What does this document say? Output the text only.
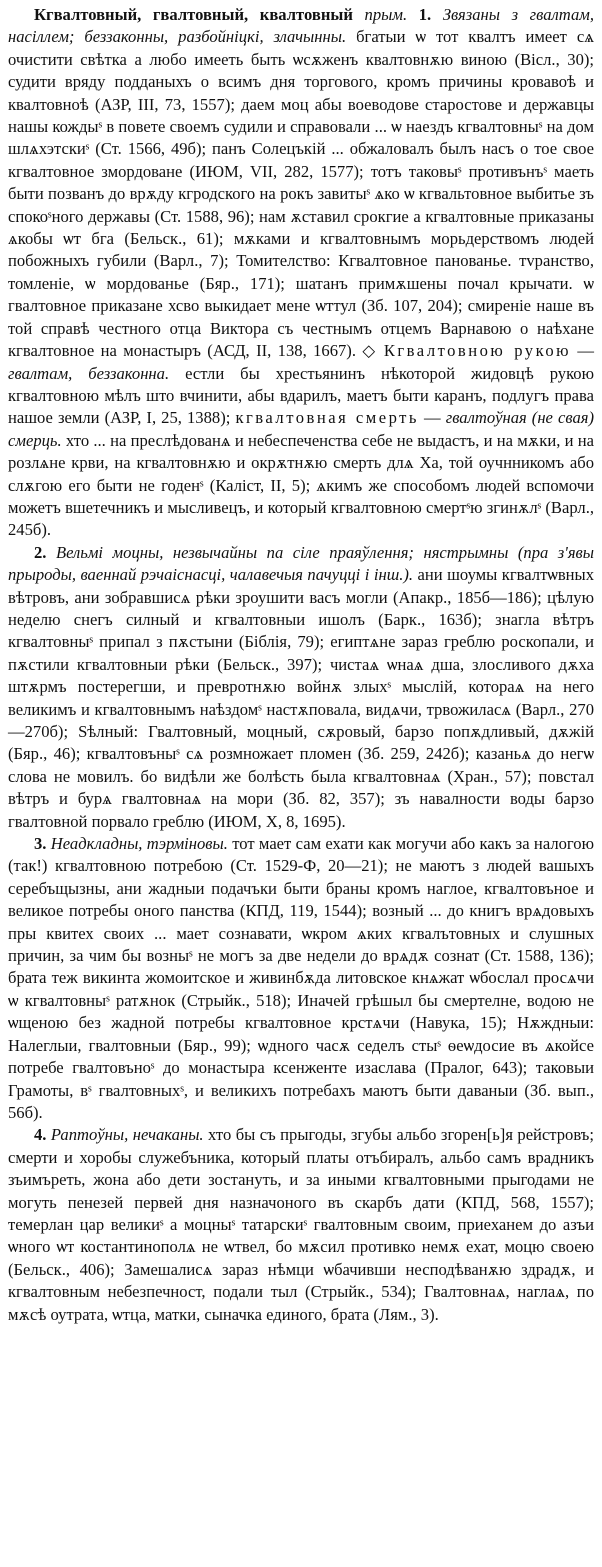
Кгвалтовный, гвалтовный, квалтовный прым. 1. Звязаны з гвалтам, насіллем; беззаконны, разбойніцкі, злачынны. бгатыи ѡ тот квалтъ имеет сѧ очистити свѣтка а любо имееть быть ѡсѫженъ квалтовнѫю виною (Вісл., 30); судити вряду подданыхъ о всимъ дня торгового, кромъ причины кровавоѣ и квалтовноѣ (АЗР, III, 73, 1557); даем моц абы воеводове старостове и державцы нашы кождыˢ в повете своемъ судили и справовали ... ѡ наездъ кгвалтовныˢ на дом шлѧхэтскиˢ (Ст. 1566, 49б); панъ Солецъкій ... обжаловалъ былъ насъ о тое свое кгвалтовное змордоване (ИЮМ, VII, 282, 1577); тотъ таковыˢ противънъˢ маеть быти позванъ до врѫду кгродского на рокъ завитыˢ ѧко ѡ кгвальтовное выбитье зъ спокоˢного державы (Ст. 1588, 96); нам ѫставил срокгие а кгвалтовные приказаны ѧкобы ѡт бга (Бельск., 61); мѫками и кгвалтовнымъ морьдерствомъ людей побожныхъ губили (Варл., 7); Томителство: Кгвалтовное панованье. тvранство, томленіе, ѡ мордованье (Бяр., 171); шатанъ примѫшены почал крычати. ѡ гвалтовное приказане хсво выкидает мене ѡттул (Зб. 107, 204); смиреніе наше въ той справѣ честного отца Виктора съ честнымъ отцемъ Варнавою о наѣхане кгвалтовное на монастыръ (АСД, II, 138, 1667). ◇ Кгвалтовною рукою — гвалтам, беззаконна. естли бы хрестьянинъ нѣкоторой жидовцѣ рукою кгвалтовною мѣлъ што вчинити, абы вдарилъ, маетъ быти каранъ, подлугъ права нашое земли (АЗР, I, 25, 1388); кгвалтовная смерть — гвалтоўная (не свая) смерць. хто ... на преслѣдованѧ и небеспеченства себе не выдастъ, и на мѫки, и на розлѧне крви, на кгвалтовнѫю и окрѫтнѫю смерть длѧ Ха, той оучнникомъ або слѫгою его быти не годенˢ (Каліст, II, 5); ѧкимъ же способомъ людей вспомочи можетъ вшетечникъ и мысливецъ, и который кгвалтовною смертˢю згинѫлˢ (Варл., 245б).

2. Вельмі моцны, незвычайны па сіле праяўлення; нястрымны (пра з'явы прыроды, ваеннай рэчаіснасці, чалавечыя пачуцці і інш.). ани шоумы кгвалтѡвных вѣтровъ, ани зобравшисѧ рѣки зроушити васъ могли (Апакр., 185б—186); цѣлую неделю снегъ силный и кгвалтовныи ишолъ (Барк., 163б); знагла вѣтръ кгвалтовныˢ припал з пѫстыни (Біблія, 79); египтѧне зараз греблю роскопали, и пѫстили кгвалтовныи рѣки (Бельск., 397); чистаѧ ѡнаѧ дша, злосливого дѫха штѫрмъ постерегши, и превротнѫю войнѫ злыхˢ мыслій, котораѧ на него великимъ и кгвалтовнымъ наѣздомˢ настѫповала, видѧчи, трвожиласѧ (Варл., 270—270б); Ѕѣлный: Гвалтовный, моцный, сѫровый, барзо попѫдливый, дѫжій (Бяр., 46); кгвалтовъныˢ сѧ розмножает пломен (Зб. 259, 242б); казаньѧ до негѡ слова не мовилъ. бо видѣли же болѣсть была кгвалтовнаѧ (Хран., 57); повстал вѣтръ и бурѧ гвалтовнаѧ на мори (Зб. 82, 357); зъ навалности воды барзо гвалтовной порвало греблю (ИЮМ, X, 8, 1695).

3. Неадкладны, тэрміновы. тот мает сам ехати как могучи або какъ за налогою (так!) кгвалтовною потребою (Ст. 1529-Ф, 20—21); не маютъ з людей вашыхъ серебъщызны, ани жадныи подачъки быти браны кромъ наглое, кгвалтовъное и великое потребы оного панства (КПД, 119, 1544); возный ... до книгъ врѧдовыхъ пры квитех своих ... мает сознавати, ѡкром ѧких кгвалътовных и слушных причин, за чим бы возныˢ не могъ за две недели до врѧдѫ сознат (Ст. 1588, 136); брата теж викинта жомоитское и живинбѫда литовское кнѧжат ѡбослал просѧчи ѡ кгвалтовныˢ ратѫнок (Стрыйк., 518); Иначей грѣшыл бы смертелне, водою не ѡщеною без жадной потребы кгвалтовное крстѧчи (Навука, 15); Нѫждныи: Налеглыи, гвалтовныи (Бяр., 99); ѡдного часѫ седелъ стыˢ ѳеѡдосие въ ѧкойсе потребе гвалтовъноˢ до монастыра ксенженте изаслава (Пралог, 643); таковыи Грамоты, вˢ гвалтовныхˢ, и великихъ потребахъ маютъ быти даваныи (Зб. вып., 56б).

4. Раптоўны, нечаканы. хто бы съ прыгоды, згубы альбо згорен[ь]я рейстровъ; смерти и хоробы служебъника, который платы отъбиралъ, альбо самъ врадникъ зъимъреть, жона або дети зостануть, и за иными кгвалтовными прыгодами не могуть пенезей первей дня назначоного въ скарбъ дати (КПД, 568, 1557); темерлан цар великиˢ а моцныˢ татарскиˢ гвалтовным своим, приеханем до азъи ѡного ѡт костантинополѧ не ѡтвел, бо мѫсил противко немѫ ехат, моцю своею (Бельск., 406); Замешалисѧ зараз нѣмци ѡбачивши несподѣванѫю здрадѫ, и кгвалтовным небезпечност, подали тыл (Стрыйк., 534); Гвалтовнаѧ, наглаѧ, по мѫсѣ оутрата, ѡтца, матки, сыначка единого, брата (Лям., 3).
